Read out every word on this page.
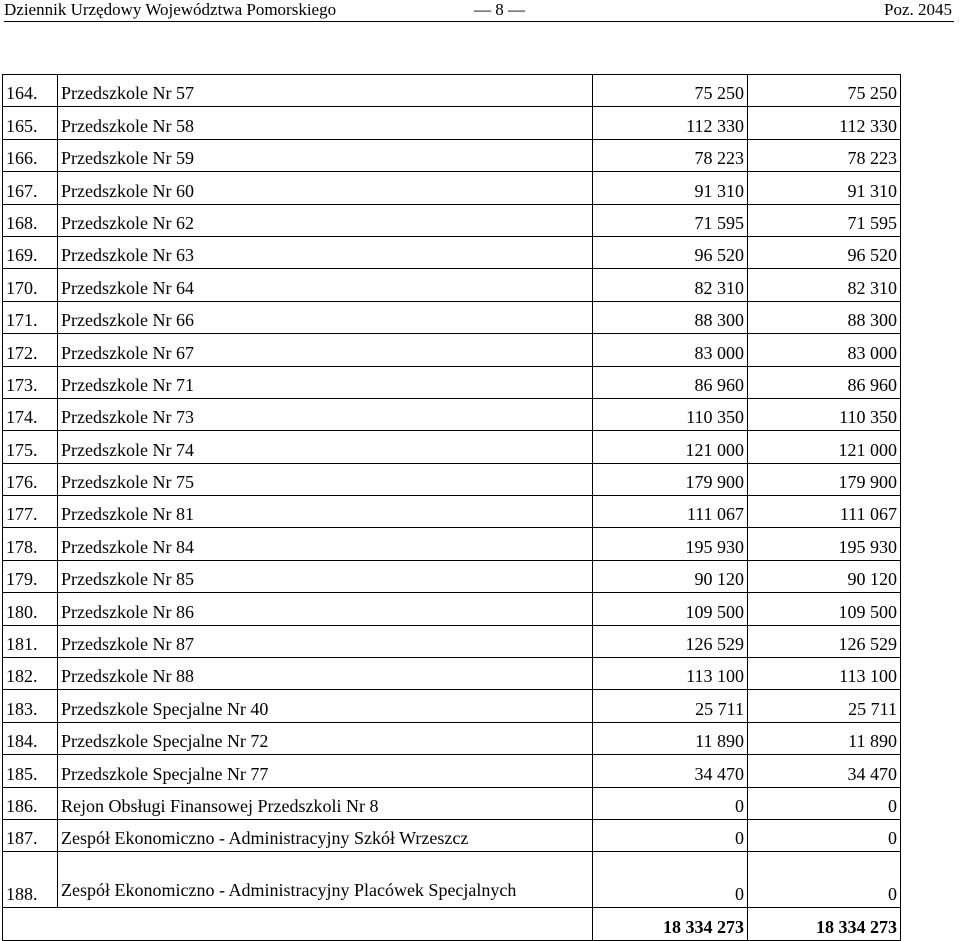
Dziennik Urzędowy Województwa Pomorskiego	— 8 —	Poz. 2045
164.	Przedszkole Nr 57	75 250	75 250
165.	Przedszkole Nr 58	112 330	112 330
166.	Przedszkole Nr 59	78 223	78 223
167.	Przedszkole Nr 60	91 310	91 310
168.	Przedszkole Nr 62	71 595	71 595
169.	Przedszkole Nr 63	96 520	96 520
170.	Przedszkole Nr 64	82 310	82 310
171.	Przedszkole Nr 66	88 300	88 300
172.	Przedszkole Nr 67	83 000	83 000
173.	Przedszkole Nr 71	86 960	86 960
174.	Przedszkole Nr 73	110 350	110 350
175.	Przedszkole Nr 74	121 000	121 000
176.	Przedszkole Nr 75	179 900	179 900
177.	Przedszkole Nr 81	111 067	111 067
178.	Przedszkole Nr 84	195 930	195 930
179.	Przedszkole Nr 85	90 120	90 120
180.	Przedszkole Nr 86	109 500	109 500
181.	Przedszkole Nr 87	126 529	126 529
182.	Przedszkole Nr 88	113 100	113 100
183.	Przedszkole Specjalne Nr 40	25 711	25 711
184.	Przedszkole Specjalne Nr 72	11 890	11 890
185.	Przedszkole Specjalne Nr 77	34 470	34 470
186.	Rejon Obsługi Finansowej Przedszkoli Nr 8	0	0
187.	Zespół Ekonomiczno - Administracyjny Szkół Wrzeszcz	0	0
188.	Zespół Ekonomiczno - Administracyjny Placówek Specjalnych	0	0
		18 334 273	18 334 273
